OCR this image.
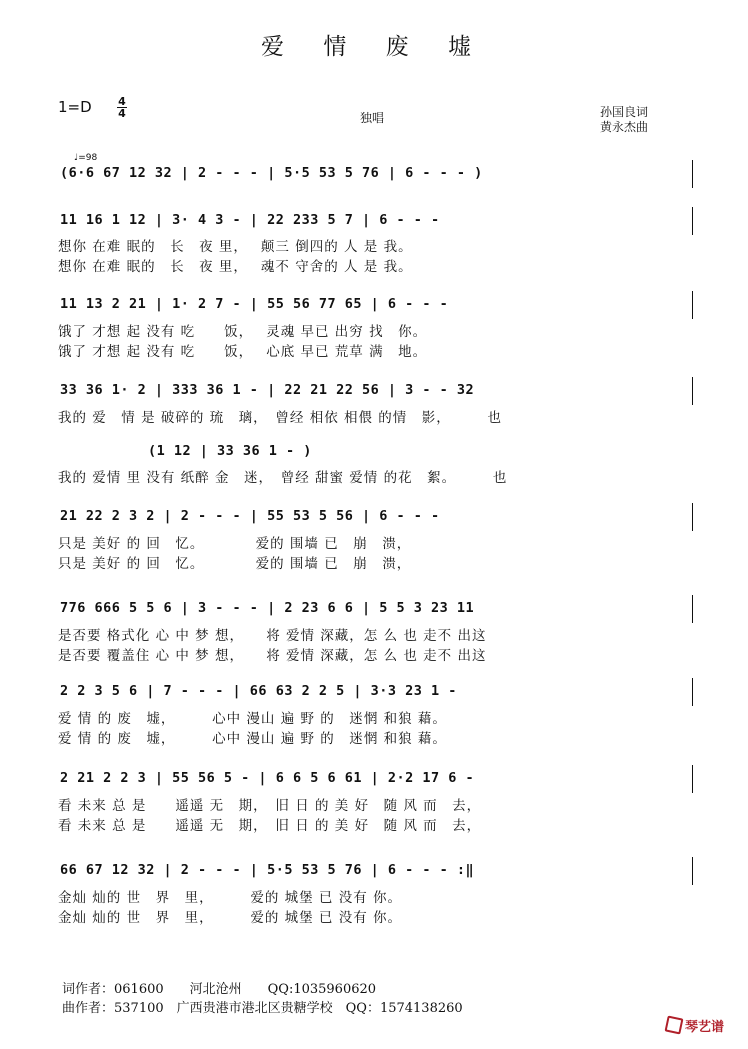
爱 情 废 墟
1=D 4
4	独唱	孙国良词
黄永杰曲
♩=98
(6·6 67 12 32 | 2 - - - | 5·5 53 5 76 | 6 - - - )
11 16 1 12 | 3· 4 3 - | 22 233 5 7 | 6 - - -
想你 在难 眠的　长　夜 里，　 颠三 倒四的 人 是 我。
想你 在难 眠的　长　夜 里，　 魂不 守舍的 人 是 我。
11 13 2 21 | 1· 2 7 - | 55 56 77 65 | 6 - - -
饿了 才想 起 没有 吃　　饭，　 灵魂 早已 出穷 找　你。
饿了 才想 起 没有 吃　　饭，　 心底 早已 荒草 满　地。
33 36 1· 2 | 333 36 1 - | 22 21 22 56 | 3 - - 32
我的 爱　情 是 破碎的 琉　璃，　曾经 相依 相偎 的情　影，　　　也
(1 12 | 33 36 1 - )
我的 爱情 里 没有 纸醉 金　迷，　曾经 甜蜜 爱情 的花　絮。　　　也
21 22 2 3 2 | 2 - - - | 55 53 5 56 | 6 - - -
只是 美好 的 回　忆。　　　　爱的 围墙 已　崩　溃，
只是 美好 的 回　忆。　　　　爱的 围墙 已　崩　溃，
776 666 5 5 6 | 3 - - - | 2 23 6 6 | 5 5 3 23 11
是否要 格式化 心 中 梦 想，　　将 爱情 深藏，怎 么 也 走不 出这
是否要 覆盖住 心 中 梦 想，　　将 爱情 深藏，怎 么 也 走不 出这
2 2 3 5 6 | 7 - - - | 66 63 2 2 5 | 3·3 23 1 -
爱 情 的 废　墟，　　　心中 漫山 遍 野 的　迷惘 和狼 藉。
爱 情 的 废　墟，　　　心中 漫山 遍 野 的　迷惘 和狼 藉。
2 21 2 2 3 | 55 56 5 - | 6 6 5 6 61 | 2·2 17 6 -
看 未来 总 是　　遥遥 无　期，　旧 日 的 美 好　随 风 而　去，
看 未来 总 是　　遥遥 无　期，　旧 日 的 美 好　随 风 而　去，
66 67 12 32 | 2 - - - | 5·5 53 5 76 | 6 - - - :‖
金灿 灿的 世　界　里，　　　爱的 城堡 已 没有 你。
金灿 灿的 世　界　里，　　　爱的 城堡 已 没有 你。
词作者：061600　　河北沧州　　QQ:1035960620
曲作者：537100　广西贵港市港北区贵糖学校　QQ：1574138260
琴艺谱
